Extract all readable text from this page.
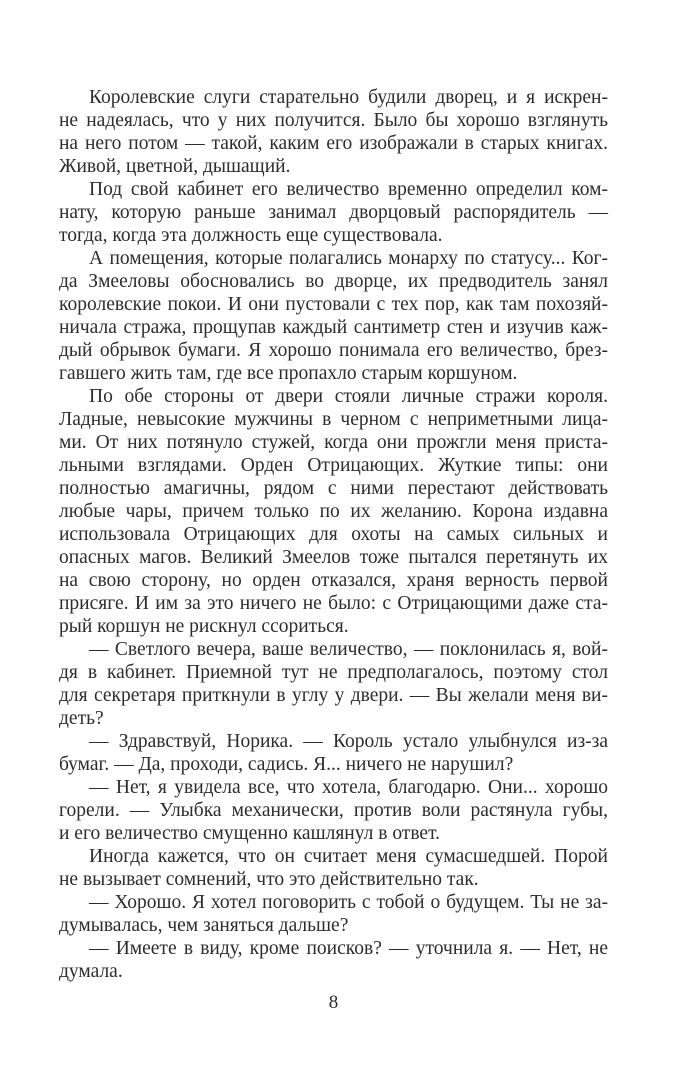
Королевские слуги старательно будили дворец, и я искрен-
не надеялась, что у них получится. Было бы хорошо взглянуть
на него потом — такой, каким его изображали в старых книгах.
Живой, цветной, дышащий.
Под свой кабинет его величество временно определил ком-
нату, которую раньше занимал дворцовый распорядитель —
тогда, когда эта должность еще существовала.
А помещения, которые полагались монарху по статусу... Ког-
да Змееловы обосновались во дворце, их предводитель занял
королевские покои. И они пустовали с тех пор, как там похозяй-
ничала стража, прощупав каждый сантиметр стен и изучив каж-
дый обрывок бумаги. Я хорошо понимала его величество, брез-
гавшего жить там, где все пропахло старым коршуном.
По обе стороны от двери стояли личные стражи короля.
Ладные, невысокие мужчины в черном с неприметными лица-
ми. От них потянуло стужей, когда они прожгли меня приста-
льными взглядами. Орден Отрицающих. Жуткие типы: они
полностью амагичны, рядом с ними перестают действовать
любые чары, причем только по их желанию. Корона издавна
использовала Отрицающих для охоты на самых сильных и
опасных магов. Великий Змеелов тоже пытался перетянуть их
на свою сторону, но орден отказался, храня верность первой
присяге. И им за это ничего не было: с Отрицающими даже ста-
рый коршун не рискнул ссориться.
— Светлого вечера, ваше величество, — поклонилась я, вой-
дя в кабинет. Приемной тут не предполагалось, поэтому стол
для секретаря приткнули в углу у двери. — Вы желали меня ви-
деть?
— Здравствуй, Норика. — Король устало улыбнулся из-за
бумаг. — Да, проходи, садись. Я... ничего не нарушил?
— Нет, я увидела все, что хотела, благодарю. Они... хорошо
горели. — Улыбка механически, против воли растянула губы,
и его величество смущенно кашлянул в ответ.
Иногда кажется, что он считает меня сумасшедшей. Порой
не вызывает сомнений, что это действительно так.
— Хорошо. Я хотел поговорить с тобой о будущем. Ты не за-
думывалась, чем заняться дальше?
— Имеете в виду, кроме поисков? — уточнила я. — Нет, не
думала.
8
